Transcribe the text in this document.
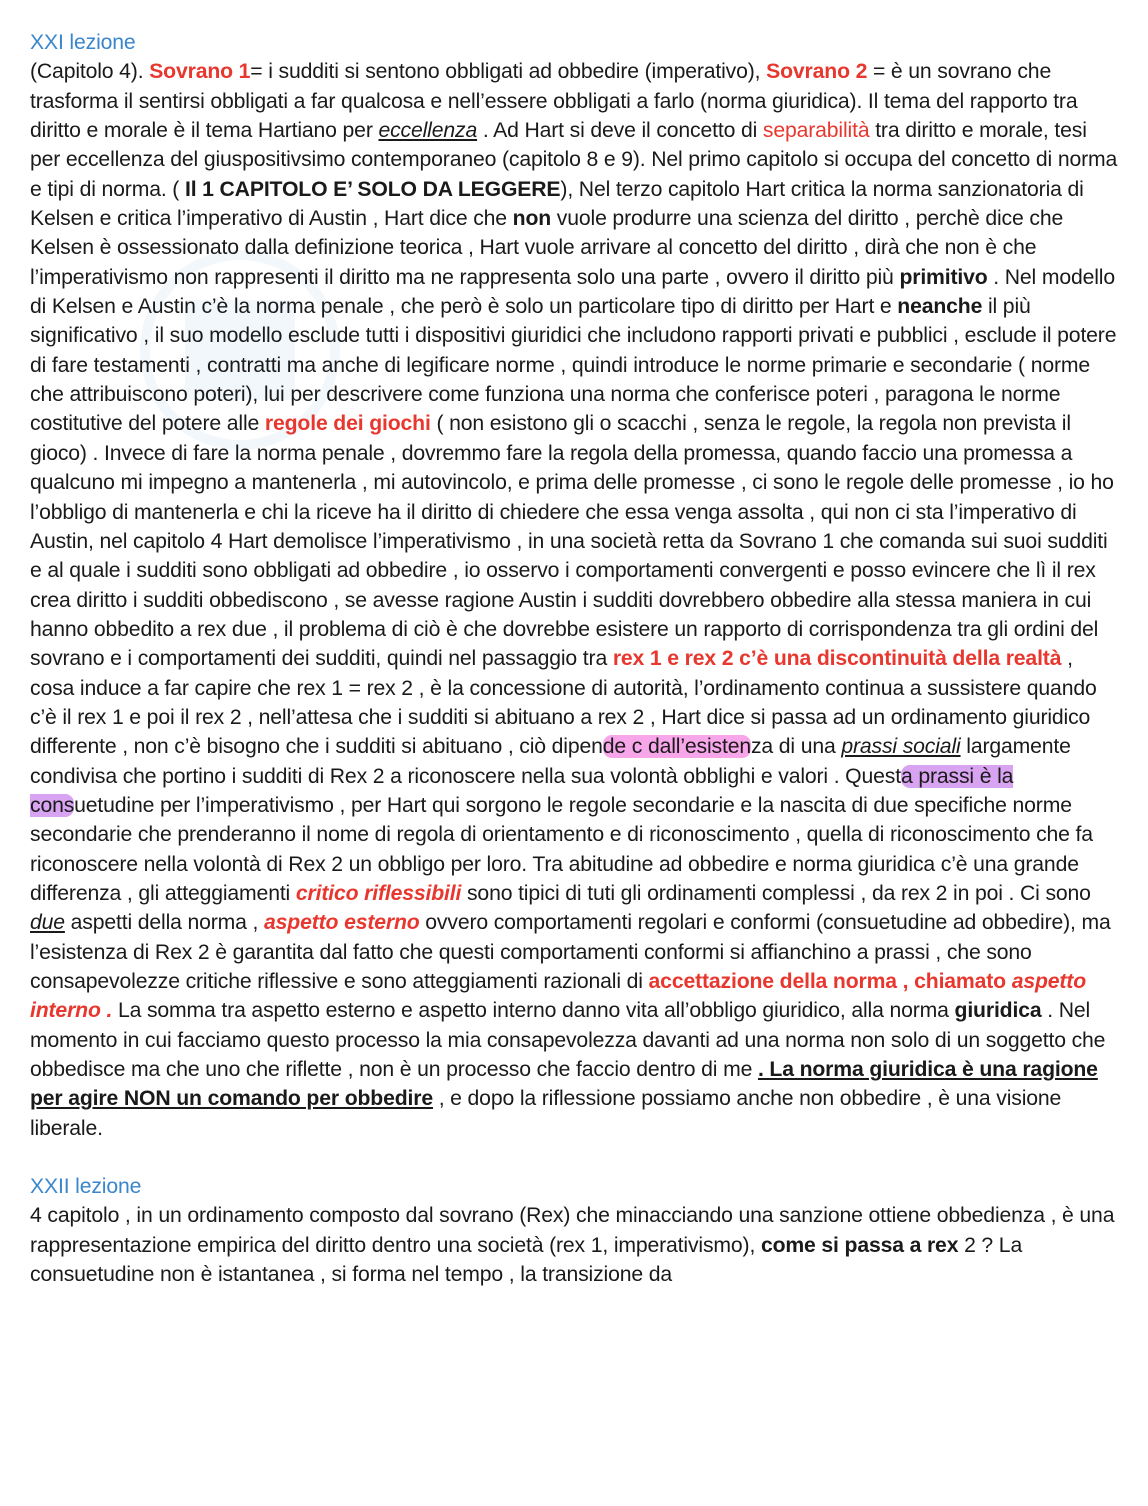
XXI lezione

(Capitolo 4). Sovrano 1= i sudditi si sentono obbligati ad obbedire (imperativo), Sovrano 2 = è un sovrano che trasforma il sentirsi obbligati a far qualcosa e nell’essere obbligati a farlo (norma giuridica). Il tema del rapporto tra diritto e morale è il tema Hartiano per eccellenza . Ad Hart si deve il concetto di separabilità tra diritto e morale, tesi per eccellenza del giuspositivsimo contemporaneo (capitolo 8 e 9). Nel primo capitolo si occupa del concetto di norma e tipi di norma. ( Il 1 CAPITOLO E’ SOLO DA LEGGERE), Nel terzo capitolo Hart critica la norma sanzionatoria di Kelsen e critica l’imperativo di Austin , Hart dice che non vuole produrre una scienza del diritto , perchè dice che Kelsen è ossessionato dalla definizione teorica , Hart vuole arrivare al concetto del diritto , dirà che non è che l’imperativismo non rappresenti il diritto ma ne rappresenta solo una parte , ovvero il diritto più primitivo . Nel modello di Kelsen e Austin c’è la norma penale , che però è solo un particolare tipo di diritto per Hart e neanche il più significativo , il suo modello esclude tutti i dispositivi giuridici che includono rapporti privati e pubblici , esclude il potere di fare testamenti , contratti ma anche di legificare norme , quindi introduce le norme primarie e secondarie ( norme che attribuiscono poteri), lui per descrivere come funziona una norma che conferisce poteri , paragona le norme costitutive del potere alle regole dei giochi ( non esistono gli o scacchi , senza le regole, la regola non prevista il gioco) . Invece di fare la norma penale , dovremmo fare la regola della promessa, quando faccio una promessa a qualcuno mi impegno a mantenerla , mi autovincolo, e prima delle promesse , ci sono le regole delle promesse , io ho l’obbligo di mantenerla e chi la riceve ha il diritto di chiedere che essa venga assolta , qui non ci sta l’imperativo di Austin, nel capitolo 4 Hart demolisce l’imperativismo , in una società retta da Sovrano 1 che comanda sui suoi sudditi e al quale i sudditi sono obbligati ad obbedire , io osservo i comportamenti convergenti e posso evincere che lì il rex crea diritto i sudditi obbediscono , se avesse ragione Austin i sudditi dovrebbero obbedire alla stessa maniera in cui hanno obbedito a rex due , il problema di ciò è che dovrebbe esistere un rapporto di corrispondenza tra gli ordini del sovrano e i comportamenti dei sudditi, quindi nel passaggio tra rex 1 e rex 2 c’è una discontinuità della realtà , cosa induce a far capire che rex 1 = rex 2 , è la concessione di autorità, l’ordinamento continua a sussistere quando c’è il rex 1 e poi il rex 2 , nell’attesa che i sudditi si abituano a rex 2 , Hart dice si passa ad un ordinamento giuridico differente , non c’è bisogno che i sudditi si abituano , ciò dipende c dall’esistenza di una prassi sociali largamente condivisa che portino i sudditi di Rex 2 a riconoscere nella sua volontà obblighi e valori . Questa prassi è la consuetudine per l’imperativismo , per Hart qui sorgono le regole secondarie e la nascita di due specifiche norme secondarie che prenderanno il nome di regola di orientamento e di riconoscimento , quella di riconoscimento che fa riconoscere nella volontà di Rex 2 un obbligo per loro. Tra abitudine ad obbedire e norma giuridica c’è una grande differenza , gli atteggiamenti critico riflessibili sono tipici di tuti gli ordinamenti complessi , da rex 2 in poi . Ci sono due aspetti della norma , aspetto esterno ovvero comportamenti regolari e conformi (consuetudine ad obbedire), ma l’esistenza di Rex 2 è garantita dal fatto che questi comportamenti conformi si affianchino a prassi , che sono consapevolezze critiche riflessive e sono atteggiamenti razionali di accettazione della norma , chiamato aspetto interno . La somma tra aspetto esterno e aspetto interno danno vita all’obbligo giuridico, alla norma giuridica . Nel momento in cui facciamo questo processo la mia consapevolezza davanti ad una norma non solo di un soggetto che obbedisce ma che uno che riflette , non è un processo che faccio dentro di me . La norma giuridica è una ragione per agire NON un comando per obbedire , e dopo la riflessione possiamo anche non obbedire , è una visione liberale.

XXII lezione

4 capitolo , in un ordinamento composto dal sovrano (Rex) che minacciando una sanzione ottiene obbedienza , è una rappresentazione empirica del diritto dentro una società (rex 1, imperativismo), come si passa a rex 2 ? La consuetudine non è istantanea , si forma nel tempo , la transizione da
